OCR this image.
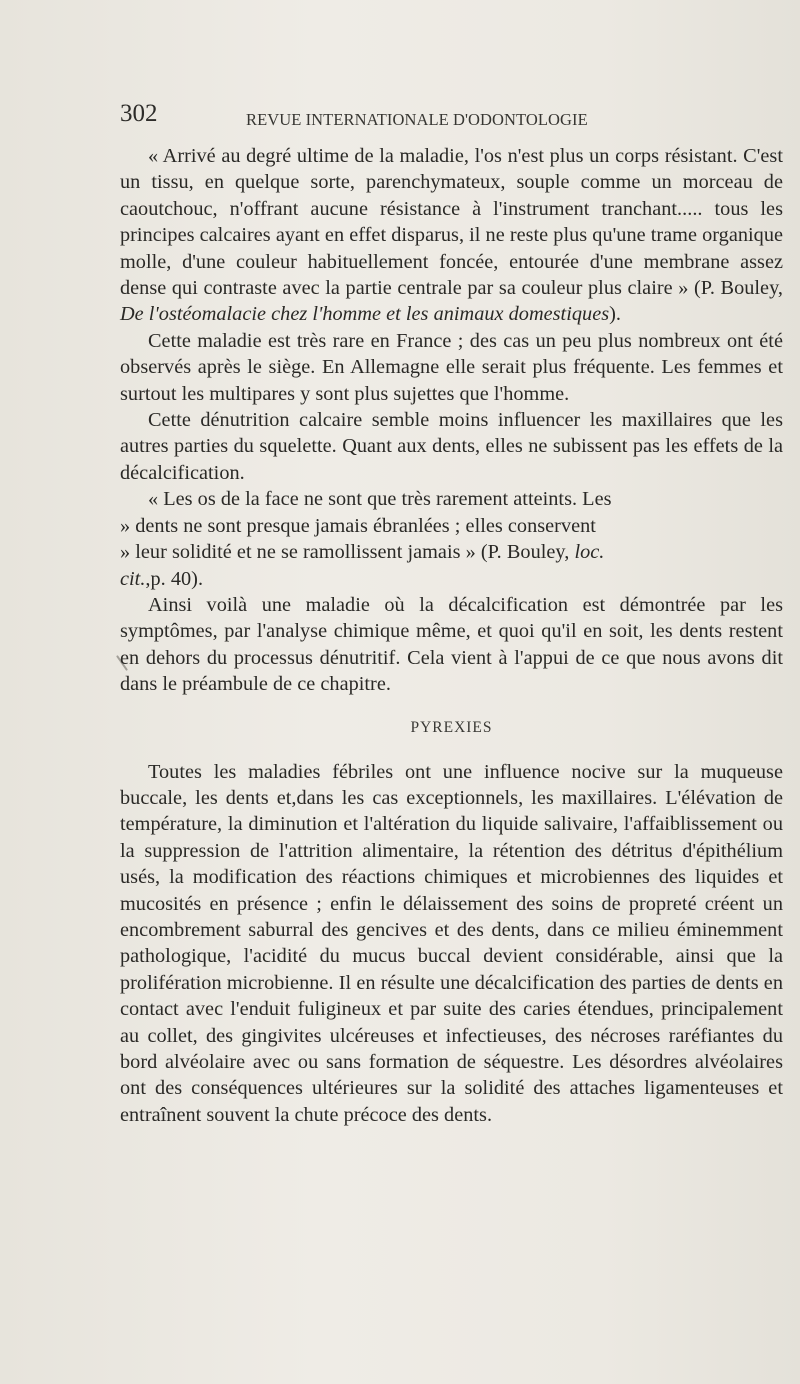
302	REVUE INTERNATIONALE D'ODONTOLOGIE

« Arrivé au degré ultime de la maladie, l'os n'est plus un corps résistant. C'est un tissu, en quelque sorte, parenchymateux, souple comme un morceau de caoutchouc, n'offrant aucune résistance à l'instrument tranchant..... tous les principes calcaires ayant en effet disparus, il ne reste plus qu'une trame organique molle, d'une couleur habituellement foncée, entourée d'une membrane assez dense qui contraste avec la partie centrale par sa couleur plus claire » (P. Bouley, De l'ostéomalacie chez l'homme et les animaux domestiques).

Cette maladie est très rare en France ; des cas un peu plus nombreux ont été observés après le siège. En Allemagne elle serait plus fréquente. Les femmes et surtout les multipares y sont plus sujettes que l'homme.

Cette dénutrition calcaire semble moins influencer les maxillaires que les autres parties du squelette. Quant aux dents, elles ne subissent pas les effets de la décalcification.

« Les os de la face ne sont que très rarement atteints. Les
» dents ne sont presque jamais ébranlées ; elles conservent
» leur solidité et ne se ramollissent jamais » (P. Bouley, loc.
cit.,p. 40).

Ainsi voilà une maladie où la décalcification est démontrée par les symptômes, par l'analyse chimique même, et quoi qu'il en soit, les dents restent en dehors du processus dénutritif. Cela vient à l'appui de ce que nous avons dit dans le préambule de ce chapitre.

PYREXIES

Toutes les maladies fébriles ont une influence nocive sur la muqueuse buccale, les dents et,dans les cas exceptionnels, les maxillaires. L'élévation de température, la diminution et l'altération du liquide salivaire, l'affaiblissement ou la suppression de l'attrition alimentaire, la rétention des détritus d'épithélium usés, la modification des réactions chimiques et microbiennes des liquides et mucosités en présence ; enfin le délaissement des soins de propreté créent un encombrement saburral des gencives et des dents, dans ce milieu éminemment pathologique, l'acidité du mucus buccal devient considérable, ainsi que la prolifération microbienne. Il en résulte une décalcification des parties de dents en contact avec l'enduit fuligineux et par suite des caries étendues, principalement au collet, des gingivites ulcéreuses et infectieuses, des nécroses raréfiantes du bord alvéolaire avec ou sans formation de séquestre. Les désordres alvéolaires ont des conséquences ultérieures sur la solidité des attaches ligamenteuses et entraînent souvent la chute précoce des dents.
